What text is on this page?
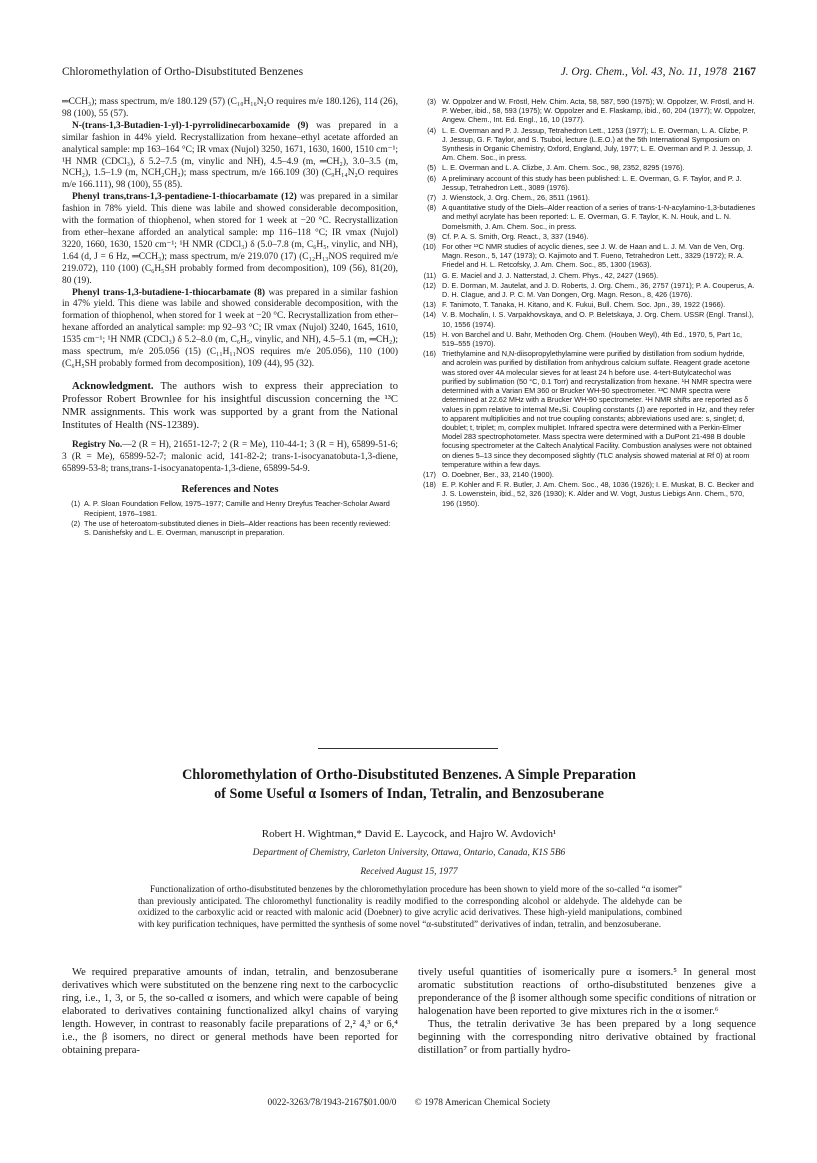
Chloromethylation of Ortho-Disubstituted Benzenes	J. Org. Chem., Vol. 43, No. 11, 1978 2167

═CCH₃); mass spectrum, m/e 180.129 (57) (C₁₀H₁₆N₂O requires m/e 180.126), 114 (26), 98 (100), 55 (57).

N-(trans-1,3-Butadien-1-yl)-1-pyrrolidinecarboxamide (9) was prepared in a similar fashion in 44% yield. Recrystallization from hexane–ethyl acetate afforded an analytical sample: mp 163–164 °C; IR νmax (Nujol) 3250, 1671, 1630, 1600, 1510 cm⁻¹; ¹H NMR (CDCl₃), δ 5.2–7.5 (m, vinylic and NH), 4.5–4.9 (m, ═CH₂), 3.0–3.5 (m, NCH₂), 1.5–1.9 (m, NCH₂CH₂); mass spectrum, m/e 166.109 (30) (C₉H₁₄N₂O requires m/e 166.111), 98 (100), 55 (85).

Phenyl trans,trans-1,3-pentadiene-1-thiocarbamate (12) was prepared in a similar fashion in 78% yield. This diene was labile and showed considerable decomposition, with the formation of thiophenol, when stored for 1 week at −20 °C. Recrystallization from ether–hexane afforded an analytical sample: mp 116–118 °C; IR νmax (Nujol) 3220, 1660, 1630, 1520 cm⁻¹; ¹H NMR (CDCl₃) δ (5.0–7.8 (m, C₆H₅, vinylic, and NH), 1.64 (d, J = 6 Hz, ═CCH₃); mass spectrum, m/e 219.070 (17) (C₁₂H₁₃NOS required m/e 219.072), 110 (100) (C₆H₅SH probably formed from decomposition), 109 (56), 81(20), 80 (19).

Phenyl trans-1,3-butadiene-1-thiocarbamate (8) was prepared in a similar fashion in 47% yield. This diene was labile and showed considerable decomposition, with the formation of thiophenol, when stored for 1 week at −20 °C. Recrystallization from ether–hexane afforded an analytical sample: mp 92–93 °C; IR νmax (Nujol) 3240, 1645, 1610, 1535 cm⁻¹; ¹H NMR (CDCl₃) δ 5.2–8.0 (m, C₆H₅, vinylic, and NH), 4.5–5.1 (m, ═CH₂); mass spectrum, m/e 205.056 (15) (C₁₁H₁₁NOS requires m/e 205.056), 110 (100) (C₆H₅SH probably formed from decomposition), 109 (44), 95 (32).

Acknowledgment. The authors wish to express their appreciation to Professor Robert Brownlee for his insightful discussion concerning the ¹³C NMR assignments. This work was supported by a grant from the National Institutes of Health (NS-12389).

Registry No.—2 (R = H), 21651-12-7; 2 (R = Me), 110-44-1; 3 (R = H), 65899-51-6; 3 (R = Me), 65899-52-7; malonic acid, 141-82-2; trans-1-isocyanatobuta-1,3-diene, 65899-53-8; trans,trans-1-isocyanatopenta-1,3-diene, 65899-54-9.

References and Notes
(1) A. P. Sloan Foundation Fellow, 1975–1977; Camille and Henry Dreyfus Teacher-Scholar Award Recipient, 1976–1981.
(2) The use of heteroatom-substituted dienes in Diels–Alder reactions has been recently reviewed: S. Danishefsky and L. E. Overman, manuscript in preparation.
(3) W. Oppolzer and W. Fröstl, Helv. Chim. Acta, 58, 587, 590 (1975); W. Oppolzer, W. Fröstl, and H. P. Weber, ibid., 58, 593 (1975); W. Oppolzer and E. Flaskamp, ibid., 60, 204 (1977); W. Oppolzer, Angew. Chem., Int. Ed. Engl., 16, 10 (1977).
(4) L. E. Overman and P. J. Jessup, Tetrahedron Lett., 1253 (1977); L. E. Overman, L. A. Clizbe, P. J. Jessup, G. F. Taylor, and S. Tsuboi, lecture (L.E.O.) at the 5th International Symposium on Synthesis in Organic Chemistry, Oxford, England, July, 1977; L. E. Overman and P. J. Jessup, J. Am. Chem. Soc., in press.
(5) L. E. Overman and L. A. Clizbe, J. Am. Chem. Soc., 98, 2352, 8295 (1976).
(6) A preliminary account of this study has been published: L. E. Overman, G. F. Taylor, and P. J. Jessup, Tetrahedron Lett., 3089 (1976).
(7) J. Wienstock, J. Org. Chem., 26, 3511 (1961).
(8) A quantitative study of the Diels–Alder reaction of a series of trans-1-N-acylamino-1,3-butadienes and methyl acrylate has been reported: L. E. Overman, G. F. Taylor, K. N. Houk, and L. N. Domelsmith, J. Am. Chem. Soc., in press.
(9) Cf. P. A. S. Smith, Org. React., 3, 337 (1946).
(10) For other ¹³C NMR studies of acyclic dienes, see J. W. de Haan and L. J. M. Van de Ven, Org. Magn. Reson., 5, 147 (1973); O. Kajimoto and T. Fueno, Tetrahedron Lett., 3329 (1972); R. A. Friedel and H. L. Retcofsky, J. Am. Chem. Soc., 85, 1300 (1963).
(11) G. E. Maciel and J. J. Natterstad, J. Chem. Phys., 42, 2427 (1965).
(12) D. E. Dorman, M. Jautelat, and J. D. Roberts, J. Org. Chem., 36, 2757 (1971); P. A. Couperus, A. D. H. Clague, and J. P. C. M. Van Dongen, Org. Magn. Reson., 8, 426 (1976).
(13) F. Tanimoto, T. Tanaka, H. Kitano, and K. Fukui, Bull. Chem. Soc. Jpn., 39, 1922 (1966).
(14) V. B. Mochalin, I. S. Varpakhovskaya, and O. P. Beletskaya, J. Org. Chem. USSR (Engl. Transl.), 10, 1556 (1974).
(15) H. von Barchel and U. Bahr, Methoden Org. Chem. (Houben Weyl), 4th Ed., 1970, 5, Part 1c, 519–555 (1970).
(16) Triethylamine and N,N-diisopropylethylamine were purified by distillation from sodium hydride, and acrolein was purified by distillation from anhydrous calcium sulfate. Reagent grade acetone was stored over 4A molecular sieves for at least 24 h before use. 4-tert-Butylcatechol was purified by sublimation (50 °C, 0.1 Torr) and recrystallization from hexane. ¹H NMR spectra were determined with a Varian EM 360 or Brucker WH-90 spectrometer. ¹³C NMR spectra were determined at 22.62 MHz with a Brucker WH-90 spectrometer. ¹H NMR shifts are reported as δ values in ppm relative to internal Me₄Si. Coupling constants (J) are reported in Hz, and they refer to apparent multiplicities and not true coupling constants; abbreviations used are: s, singlet; d, doublet; t, triplet; m, complex multiplet. Infrared spectra were determined with a Perkin-Elmer Model 283 spectrophotometer. Mass spectra were determined with a DuPont 21-498 B double focusing spectrometer at the Caltech Analytical Facility. Combustion analyses were not obtained on dienes 5–13 since they decomposed slightly (TLC analysis showed material at Rf 0) at room temperature within a few days.
(17) O. Doebner, Ber., 33, 2140 (1900).
(18) E. P. Kohler and F. R. Butler, J. Am. Chem. Soc., 48, 1036 (1926); I. E. Muskat, B. C. Becker and J. S. Lowenstein, ibid., 52, 326 (1930); K. Alder and W. Vogt, Justus Liebigs Ann. Chem., 570, 196 (1950).
Chloromethylation of Ortho-Disubstituted Benzenes. A Simple Preparation
of Some Useful α Isomers of Indan, Tetralin, and Benzosuberane
Robert H. Wightman,* David E. Laycock, and Hajro W. Avdovich¹
Department of Chemistry, Carleton University, Ottawa, Ontario, Canada, K1S 5B6
Received August 15, 1977
Functionalization of ortho-disubstituted benzenes by the chloromethylation procedure has been shown to yield more of the so-called “α isomer” than previously anticipated. The chloromethyl functionality is readily modified to the corresponding alcohol or aldehyde. The aldehyde can be oxidized to the carboxylic acid or reacted with malonic acid (Doebner) to give acrylic acid derivatives. These high-yield manipulations, combined with key purification techniques, have permitted the synthesis of some novel “α-substituted” derivatives of indan, tetralin, and benzosuberane.

We required preparative amounts of indan, tetralin, and benzosuberane derivatives which were substituted on the benzene ring next to the carbocyclic ring, i.e., 1, 3, or 5, the so-called α isomers, and which were capable of being elaborated to derivatives containing functionalized alkyl chains of varying length. However, in contrast to reasonably facile preparations of 2,² 4,³ or 6,⁴ i.e., the β isomers, no direct or general methods have been reported for obtaining prepara-

tively useful quantities of isomerically pure α isomers.⁵ In general most aromatic substitution reactions of ortho-disubstituted benzenes give a preponderance of the β isomer although some specific conditions of nitration or halogenation have been reported to give mixtures rich in the α isomer.⁶

Thus, the tetralin derivative 3e has been prepared by a long sequence beginning with the corresponding nitro derivative obtained by fractional distillation⁷ or from partially hydro-

0022-3263/78/1943-2167$01.00/0 © 1978 American Chemical Society
